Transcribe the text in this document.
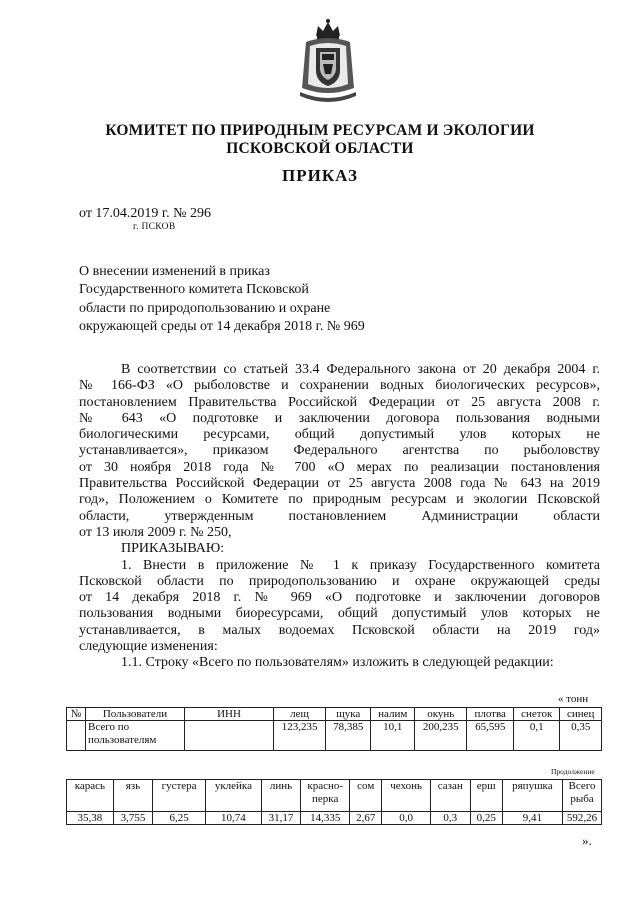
КОМИТЕТ ПО ПРИРОДНЫМ РЕСУРСАМ И ЭКОЛОГИИ
ПСКОВСКОЙ ОБЛАСТИ
ПРИКАЗ
от 17.04.2019 г. № 296
г. ПСКОВ
О внесении изменений в приказ
Государственного комитета Псковской
области по природопользованию и охране
окружающей среды от 14 декабря 2018 г. № 969

В соответствии со статьей 33.4 Федерального закона от 20 декабря 2004 г.

№ 166-ФЗ «О рыболовстве и сохранении водных биологических ресурсов»,

постановлением Правительства Российской Федерации от 25 августа 2008 г.

№ 643 «О подготовке и заключении договора пользования водными

биологическими ресурсами, общий допустимый улов которых не

устанавливается», приказом Федерального агентства по рыболовству

от 30 ноября 2018 года № 700 «О мерах по реализации постановления

Правительства Российской Федерации от 25 августа 2008 года № 643 на 2019

год», Положением о Комитете по природным ресурсам и экологии Псковской

области, утвержденным постановлением Администрации области

от 13 июля 2009 г. № 250,

ПРИКАЗЫВАЮ:

1. Внести в приложение № 1 к приказу Государственного комитета

Псковской области по природопользованию и охране окружающей среды

от 14 декабря 2018 г. № 969 «О подготовке и заключении договоров

пользования водными биоресурсами, общий допустимый улов которых не

устанавливается, в малых водоемах Псковской области на 2019 год»

следующие изменения:

1.1. Строку «Всего по пользователям» изложить в следующей редакции:

« тонн
№	Пользователи	ИНН	лещ	щука	налим	окунь	плотва	снеток	синец
	Всего по пользователям		123,235	78,385	10,1	200,235	65,595	0,1	0,35
Продолжение
карась	язь	густера	уклейка	линь	красно-перка	сом	чехонь	сазан	ерш	ряпушка	Всего рыба
35,38	3,755	6,25	10,74	31,17	14,335	2,67	0,0	0,3	0,25	9,41	592,26
».
